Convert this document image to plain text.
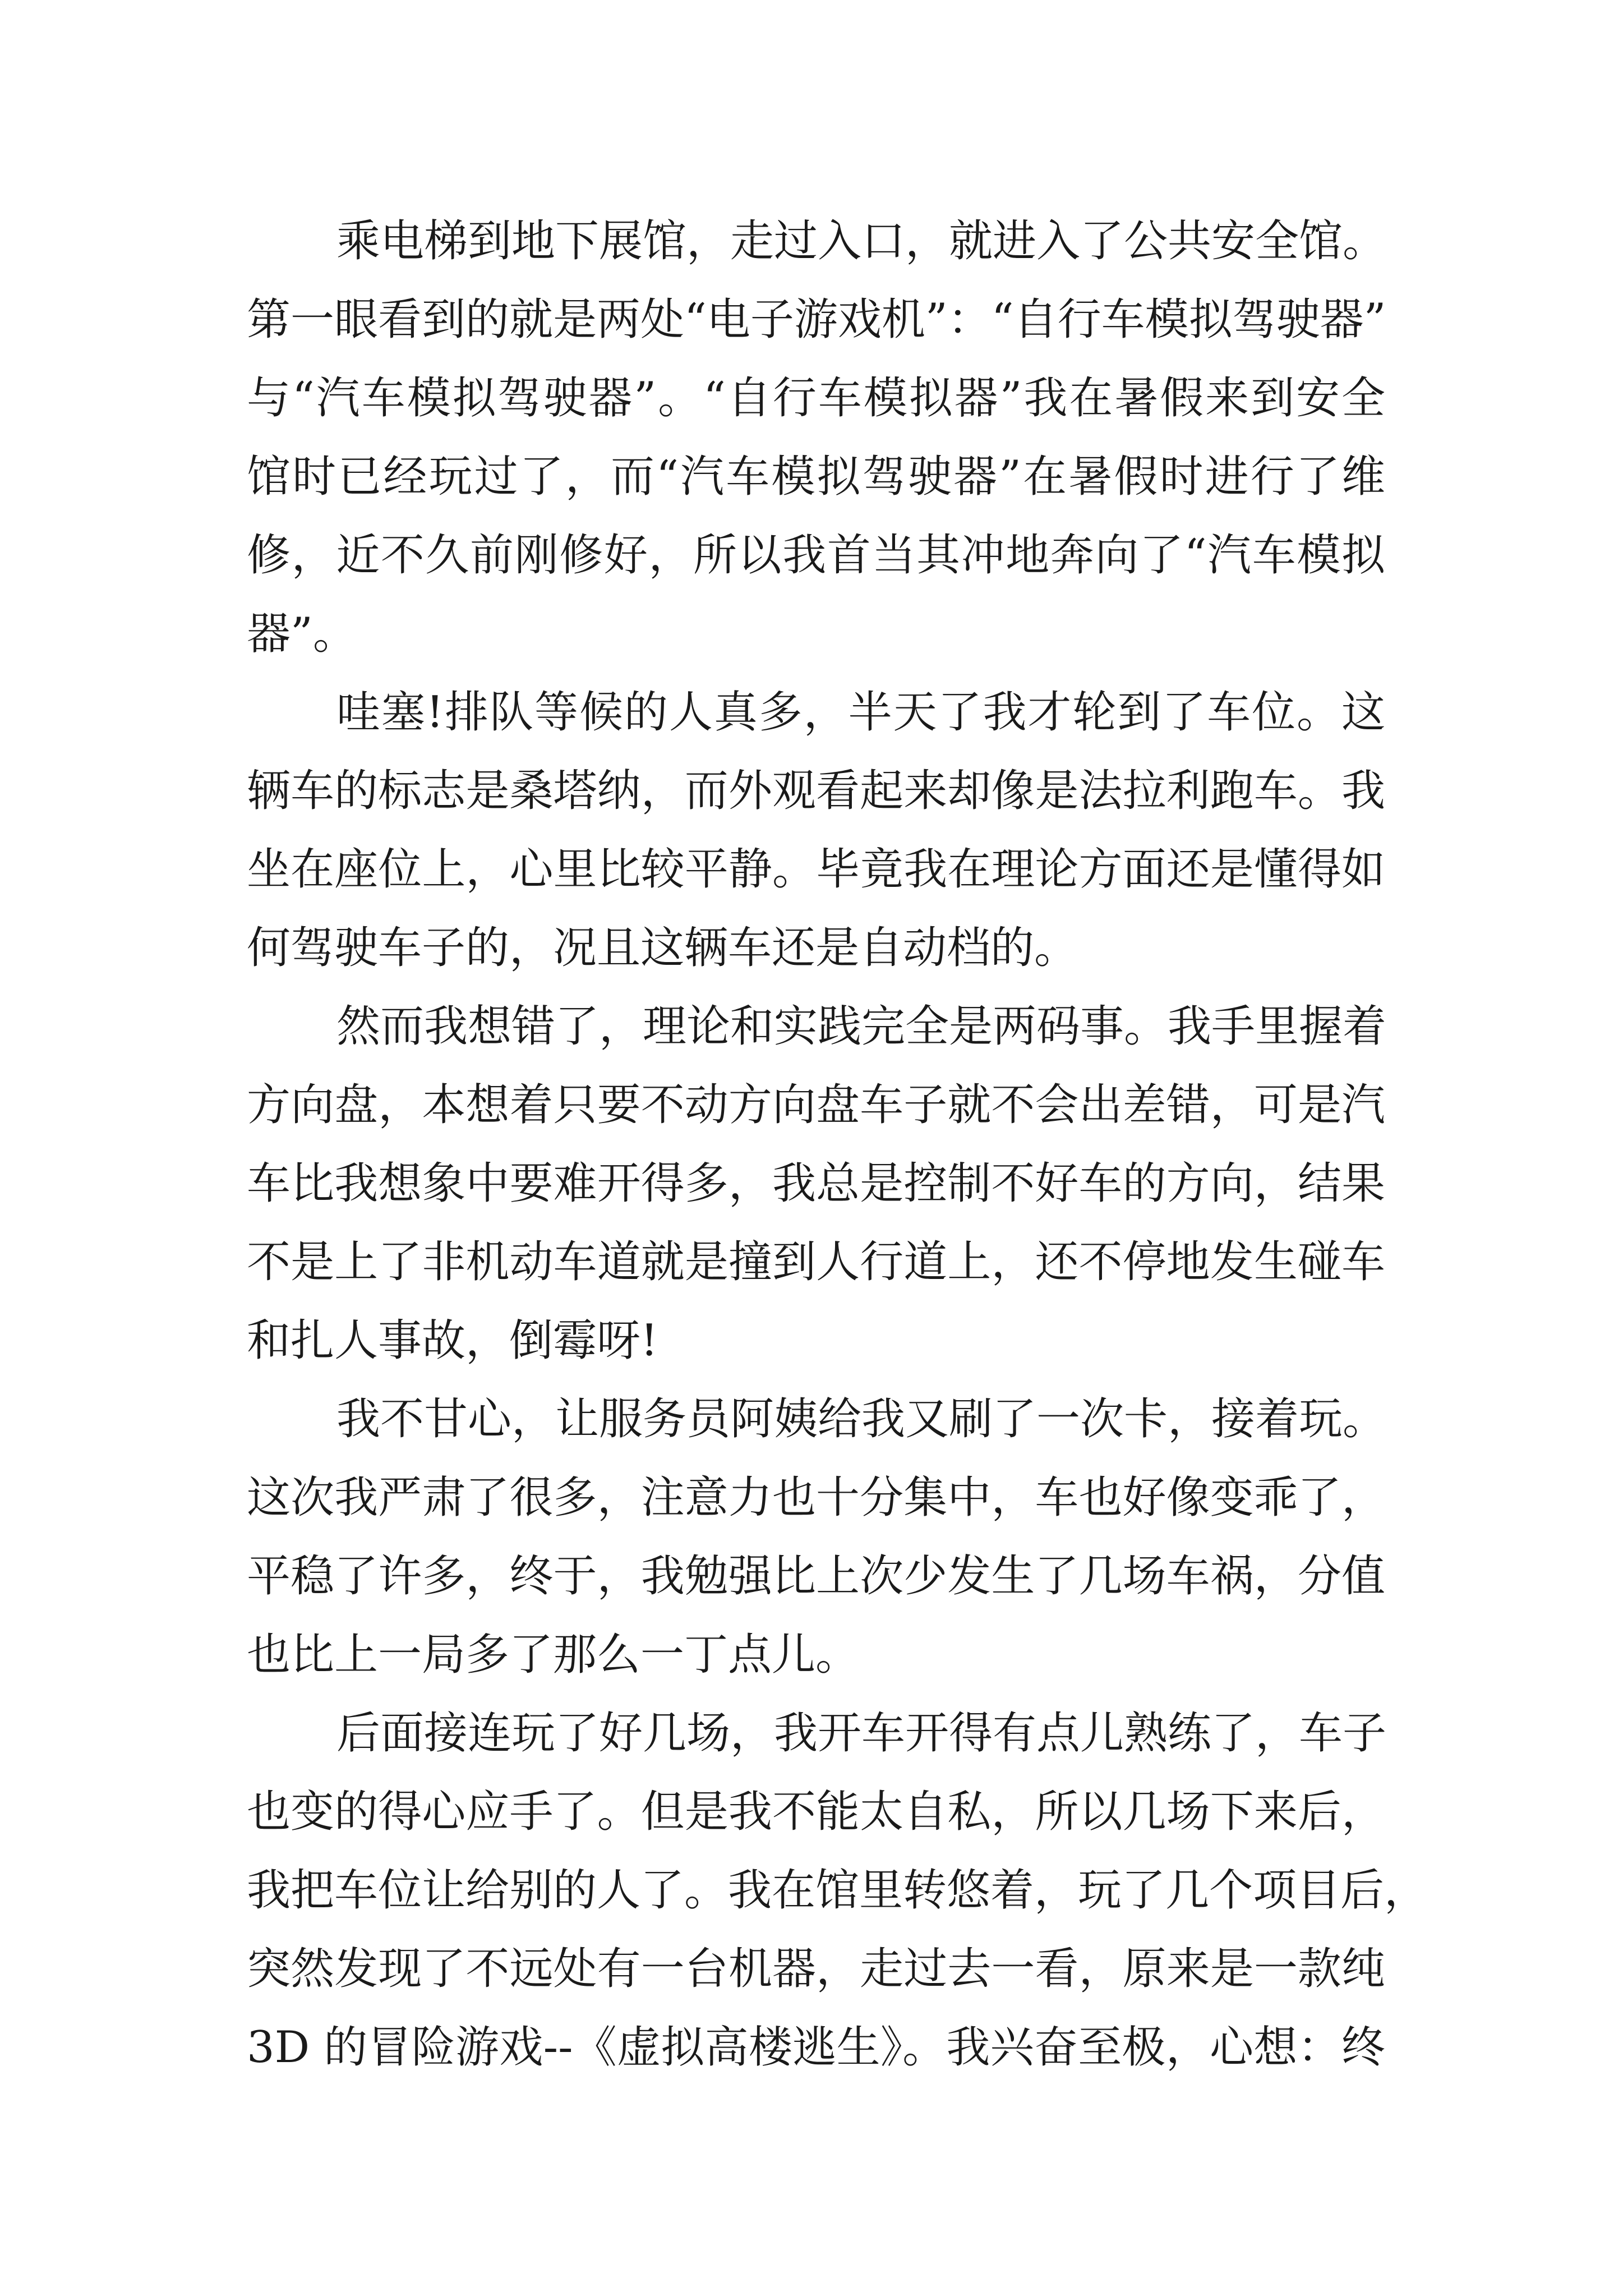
乘电梯到地下展馆，走过入口，就进入了公共安全馆。
第一眼看到的就是两处“电子游戏机”：“自行车模拟驾驶器”
与“汽车模拟驾驶器”。“自行车模拟器”我在暑假来到安全
馆时已经玩过了，而“汽车模拟驾驶器”在暑假时进行了维
修，近不久前刚修好，所以我首当其冲地奔向了“汽车模拟
器”。
哇塞!排队等候的人真多，半天了我才轮到了车位。这
辆车的标志是桑塔纳，而外观看起来却像是法拉利跑车。我
坐在座位上，心里比较平静。毕竟我在理论方面还是懂得如
何驾驶车子的，况且这辆车还是自动档的。
然而我想错了，理论和实践完全是两码事。我手里握着
方向盘，本想着只要不动方向盘车子就不会出差错，可是汽
车比我想象中要难开得多，我总是控制不好车的方向，结果
不是上了非机动车道就是撞到人行道上，还不停地发生碰车
和扎人事故，倒霉呀!
我不甘心，让服务员阿姨给我又刷了一次卡，接着玩。
这次我严肃了很多，注意力也十分集中，车也好像变乖了，
平稳了许多，终于，我勉强比上次少发生了几场车祸，分值
也比上一局多了那么一丁点儿。
后面接连玩了好几场，我开车开得有点儿熟练了，车子
也变的得心应手了。但是我不能太自私，所以几场下来后，
我把车位让给别的人了。我在馆里转悠着，玩了几个项目后，
突然发现了不远处有一台机器，走过去一看，原来是一款纯
3D 的冒险游戏--《虚拟高楼逃生》。我兴奋至极，心想：终
